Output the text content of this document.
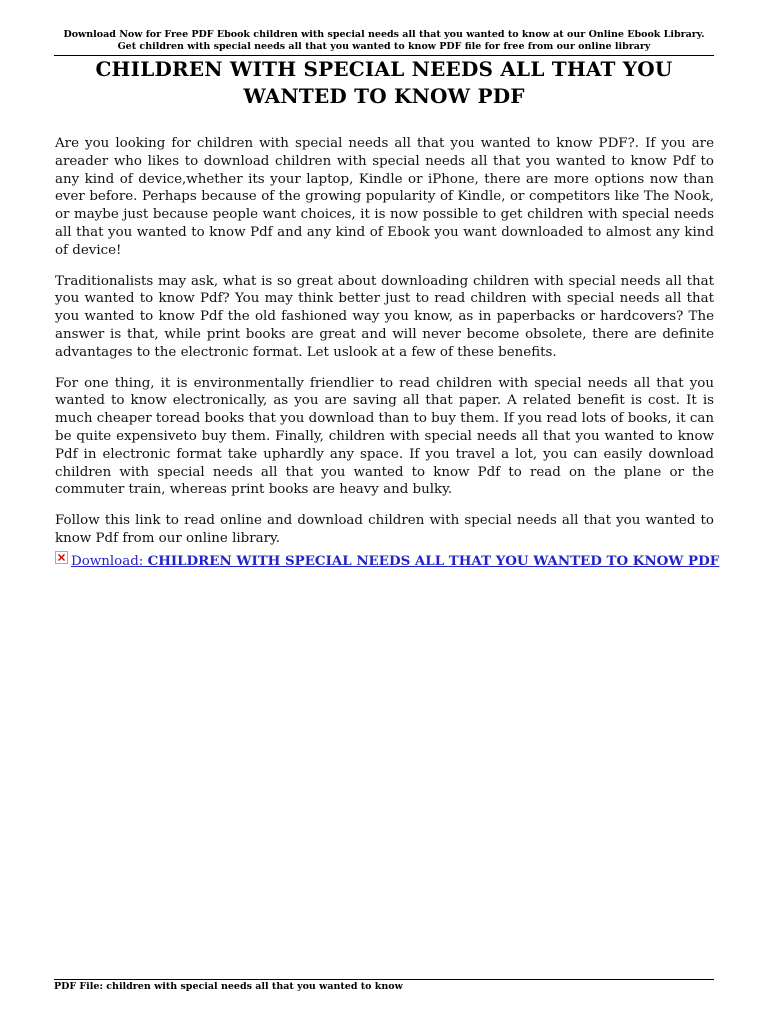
Download Now for Free PDF Ebook children with special needs all that you wanted to know at our Online Ebook Library. Get children with special needs all that you wanted to know PDF file for free from our online library
CHILDREN WITH SPECIAL NEEDS ALL THAT YOU WANTED TO KNOW PDF

Are you looking for children with special needs all that you wanted to know PDF?. If you are areader who likes to download children with special needs all that you wanted to know Pdf to any kind of device,whether its your laptop, Kindle or iPhone, there are more options now than ever before. Perhaps because of the growing popularity of Kindle, or competitors like The Nook, or maybe just because people want choices, it is now possible to get children with special needs all that you wanted to know Pdf and any kind of Ebook you want downloaded to almost any kind of device!

Traditionalists may ask, what is so great about downloading children with special needs all that you wanted to know Pdf? You may think better just to read children with special needs all that you wanted to know Pdf the old fashioned way you know, as in paperbacks or hardcovers? The answer is that, while print books are great and will never become obsolete, there are definite advantages to the electronic format. Let uslook at a few of these benefits.

For one thing, it is environmentally friendlier to read children with special needs all that you wanted to know electronically, as you are saving all that paper. A related benefit is cost. It is much cheaper toread books that you download than to buy them. If you read lots of books, it can be quite expensiveto buy them. Finally, children with special needs all that you wanted to know Pdf in electronic format take uphardly any space. If you travel a lot, you can easily download children with special needs all that you wanted to know Pdf to read on the plane or the commuter train, whereas print books are heavy and bulky.

Follow this link to read online and download children with special needs all that you wanted to know Pdf from our online library.

Download: CHILDREN WITH SPECIAL NEEDS ALL THAT YOU WANTED TO KNOW PDF
PDF File: children with special needs all that you wanted to know
